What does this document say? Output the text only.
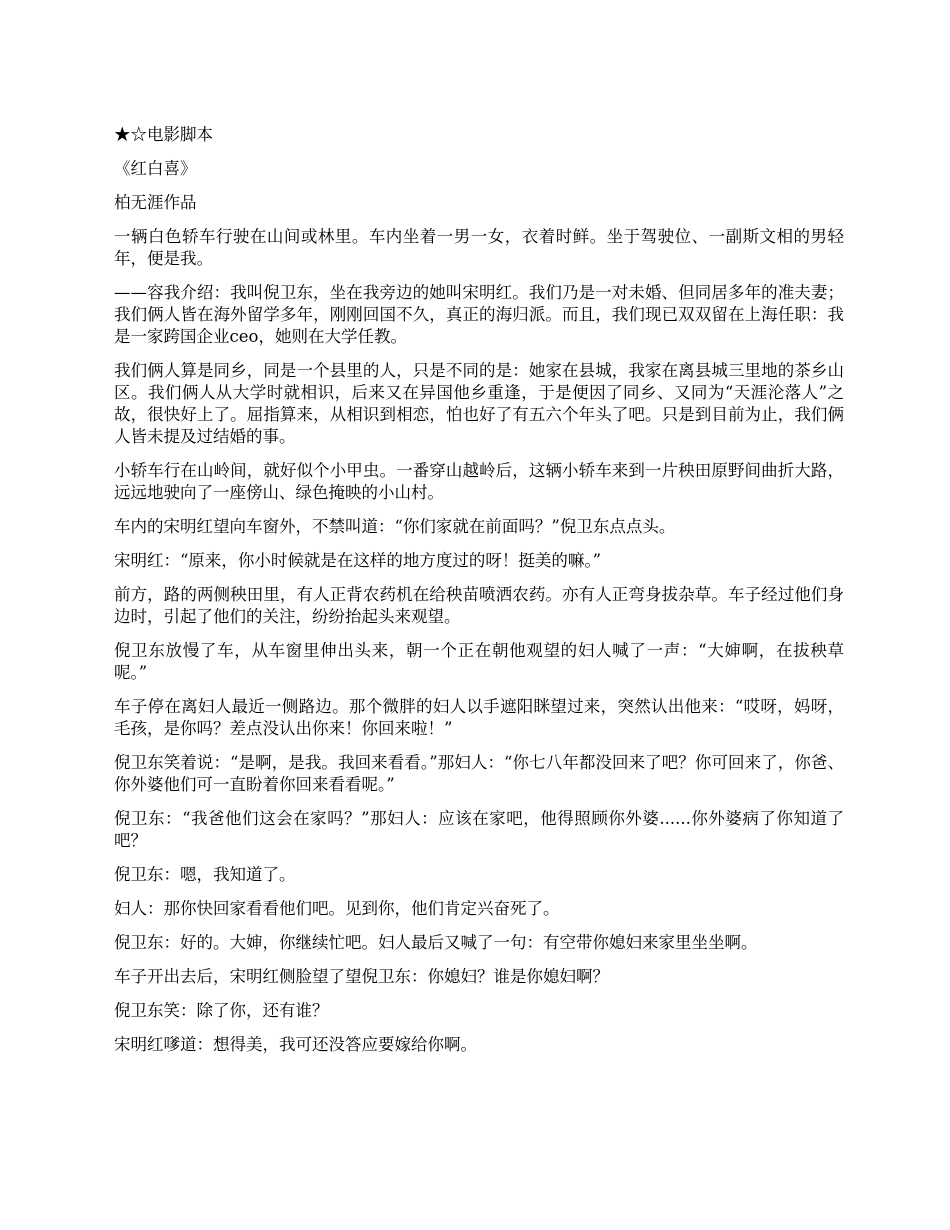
★☆电影脚本

《红白喜》

柏无涯作品

一辆白色轿车行驶在山间或林里。车内坐着一男一女，衣着时鲜。坐于驾驶位、一副斯文相的男轻年，便是我。

——容我介绍：我叫倪卫东，坐在我旁边的她叫宋明红。我们乃是一对未婚、但同居多年的准夫妻；我们俩人皆在海外留学多年，刚刚回国不久，真正的海归派。而且，我们现已双双留在上海任职：我是一家跨国企业ceo，她则在大学任教。

我们俩人算是同乡，同是一个县里的人，只是不同的是：她家在县城，我家在离县城三里地的茶乡山区。我们俩人从大学时就相识，后来又在异国他乡重逢，于是便因了同乡、又同为“天涯沦落人”之故，很快好上了。屈指算来，从相识到相恋，怕也好了有五六个年头了吧。只是到目前为止，我们俩人皆未提及过结婚的事。

小轿车行在山岭间，就好似个小甲虫。一番穿山越岭后，这辆小轿车来到一片秧田原野间曲折大路，远远地驶向了一座傍山、绿色掩映的小山村。

车内的宋明红望向车窗外，不禁叫道：“你们家就在前面吗？”倪卫东点点头。

宋明红：“原来，你小时候就是在这样的地方度过的呀！挺美的嘛。”

前方，路的两侧秧田里，有人正背农药机在给秧苗喷洒农药。亦有人正弯身拔杂草。车子经过他们身边时，引起了他们的关注，纷纷抬起头来观望。

倪卫东放慢了车，从车窗里伸出头来，朝一个正在朝他观望的妇人喊了一声：“大婶啊，在拔秧草呢。”

车子停在离妇人最近一侧路边。那个微胖的妇人以手遮阳眯望过来，突然认出他来：“哎呀，妈呀，毛孩，是你吗？差点没认出你来！你回来啦！”

倪卫东笑着说：“是啊，是我。我回来看看。”那妇人：“你七八年都没回来了吧？你可回来了，你爸、你外婆他们可一直盼着你回来看看呢。”

倪卫东：“我爸他们这会在家吗？”那妇人：应该在家吧，他得照顾你外婆......你外婆病了你知道了吧？

倪卫东：嗯，我知道了。

妇人：那你快回家看看他们吧。见到你，他们肯定兴奋死了。

倪卫东：好的。大婶，你继续忙吧。妇人最后又喊了一句：有空带你媳妇来家里坐坐啊。

车子开出去后，宋明红侧脸望了望倪卫东：你媳妇？谁是你媳妇啊？

倪卫东笑：除了你，还有谁？

宋明红嗲道：想得美，我可还没答应要嫁给你啊。
